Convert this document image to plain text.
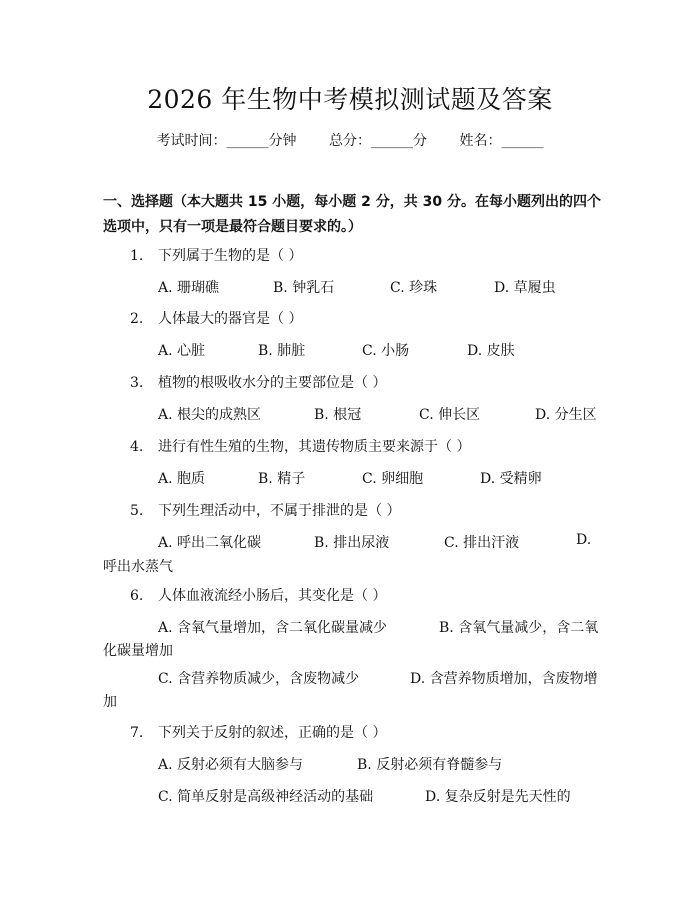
2026 年生物中考模拟测试题及答案
考试时间：______分钟 总分：______分 姓名：______
一、选择题（本大题共 15 小题，每小题 2 分，共 30 分。在每小题列出的四个选项中，只有一项是最符合题目要求的。）
1. 下列属于生物的是（ ）
A. 珊瑚礁	B. 钟乳石	C. 珍珠	D. 草履虫
2. 人体最大的器官是（ ）
A. 心脏	B. 肺脏	C. 小肠	D. 皮肤
3. 植物的根吸收水分的主要部位是（ ）
A. 根尖的成熟区	B. 根冠	C. 伸长区	D. 分生区
4. 进行有性生殖的生物，其遗传物质主要来源于（ ）
A. 胞质	B. 精子	C. 卵细胞	D. 受精卵
5. 下列生理活动中，不属于排泄的是（ ）
A. 呼出二氧化碳	B. 排出尿液	C. 排出汗液	D.
呼出水蒸气
6. 人体血液流经小肠后，其变化是（ ）
A. 含氧气量增加，含二氧化碳量减少	B. 含氧气量减少，含二氧
化碳量增加
C. 含营养物质减少，含废物减少	D. 含营养物质增加，含废物增
加
7. 下列关于反射的叙述，正确的是（ ）
A. 反射必须有大脑参与	B. 反射必须有脊髓参与
C. 简单反射是高级神经活动的基础	D. 复杂反射是先天性的
